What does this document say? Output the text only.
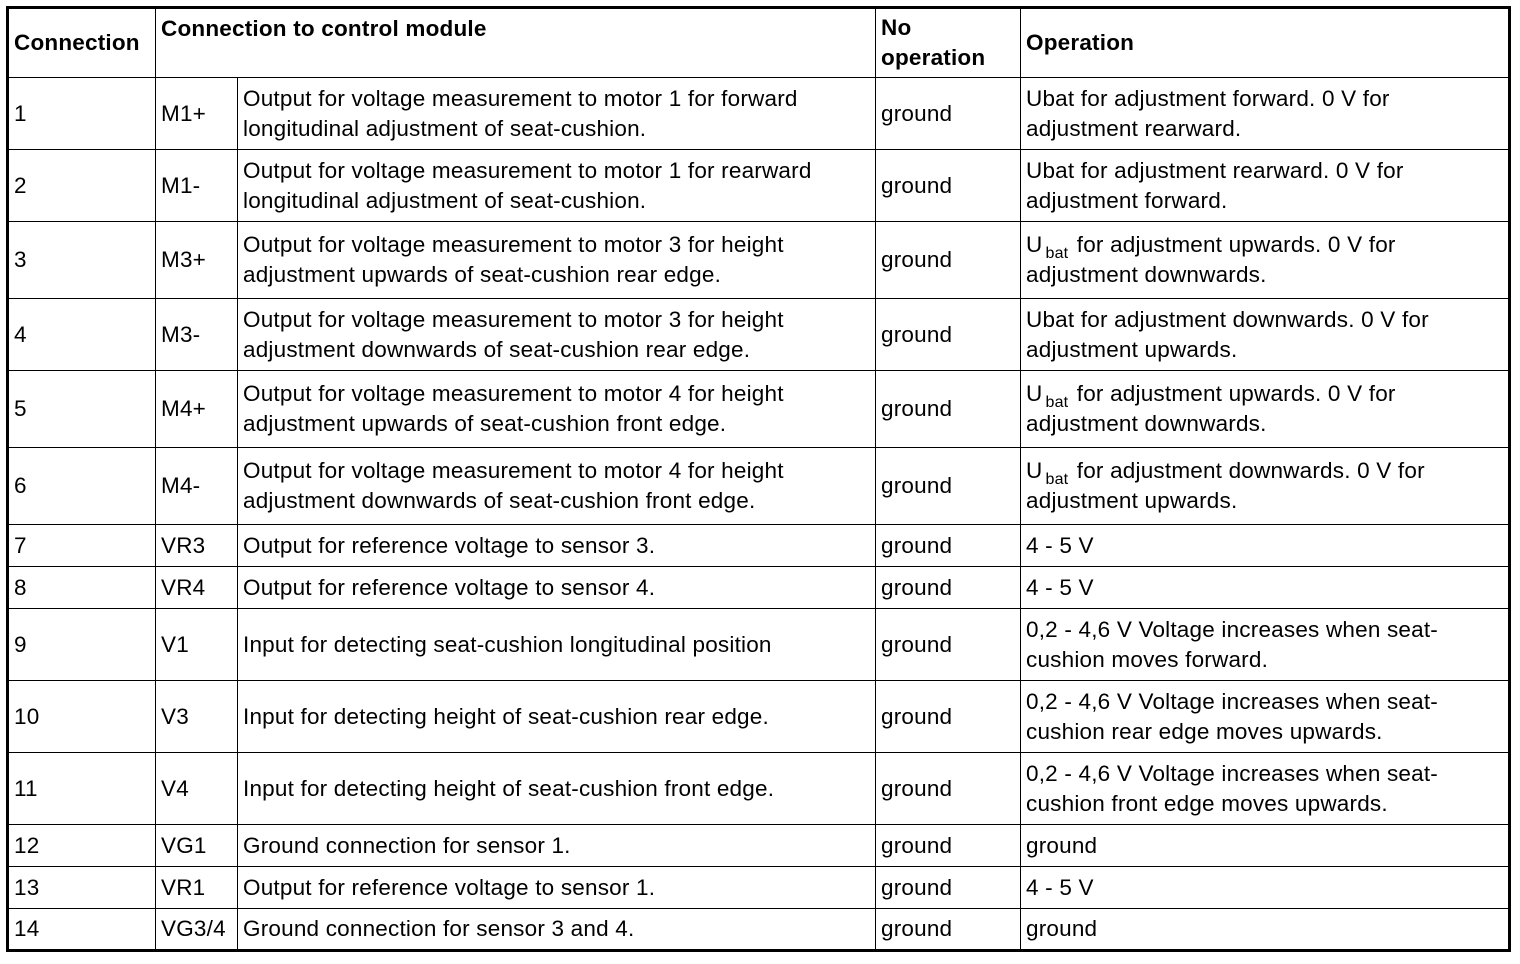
Connection	Connection to control module		No operation	Operation
1	M1+	Output for voltage measurement to motor 1 for forward longitudinal adjustment of seat-cushion.	ground	Ubat for adjustment forward. 0 V for adjustment rearward.
2	M1-	Output for voltage measurement to motor 1 for rearward longitudinal adjustment of seat-cushion.	ground	Ubat for adjustment rearward. 0 V for adjustment forward.
3	M3+	Output for voltage measurement to motor 3 for height adjustment upwards of seat-cushion rear edge.	ground	U $_{bat}$ for adjustment upwards. 0 V for adjustment downwards.
4	M3-	Output for voltage measurement to motor 3 for height adjustment downwards of seat-cushion rear edge.	ground	Ubat for adjustment downwards. 0 V for adjustment upwards.
5	M4+	Output for voltage measurement to motor 4 for height adjustment upwards of seat-cushion front edge.	ground	U $_{bat}$ for adjustment upwards. 0 V for adjustment downwards.
6	M4-	Output for voltage measurement to motor 4 for height adjustment downwards of seat-cushion front edge.	ground	U $_{bat}$ for adjustment downwards. 0 V for adjustment upwards.
7	VR3	Output for reference voltage to sensor 3.	ground	4 - 5 V
8	VR4	Output for reference voltage to sensor 4.	ground	4 - 5 V
9	V1	Input for detecting seat-cushion longitudinal position	ground	0,2 - 4,6 V Voltage increases when seat-cushion moves forward.
10	V3	Input for detecting height of seat-cushion rear edge.	ground	0,2 - 4,6 V Voltage increases when seat-cushion rear edge moves upwards.
11	V4	Input for detecting height of seat-cushion front edge.	ground	0,2 - 4,6 V Voltage increases when seat-cushion front edge moves upwards.
12	VG1	Ground connection for sensor 1.	ground	ground
13	VR1	Output for reference voltage to sensor 1.	ground	4 - 5 V
14	VG3/4	Ground connection for sensor 3 and 4.	ground	ground
